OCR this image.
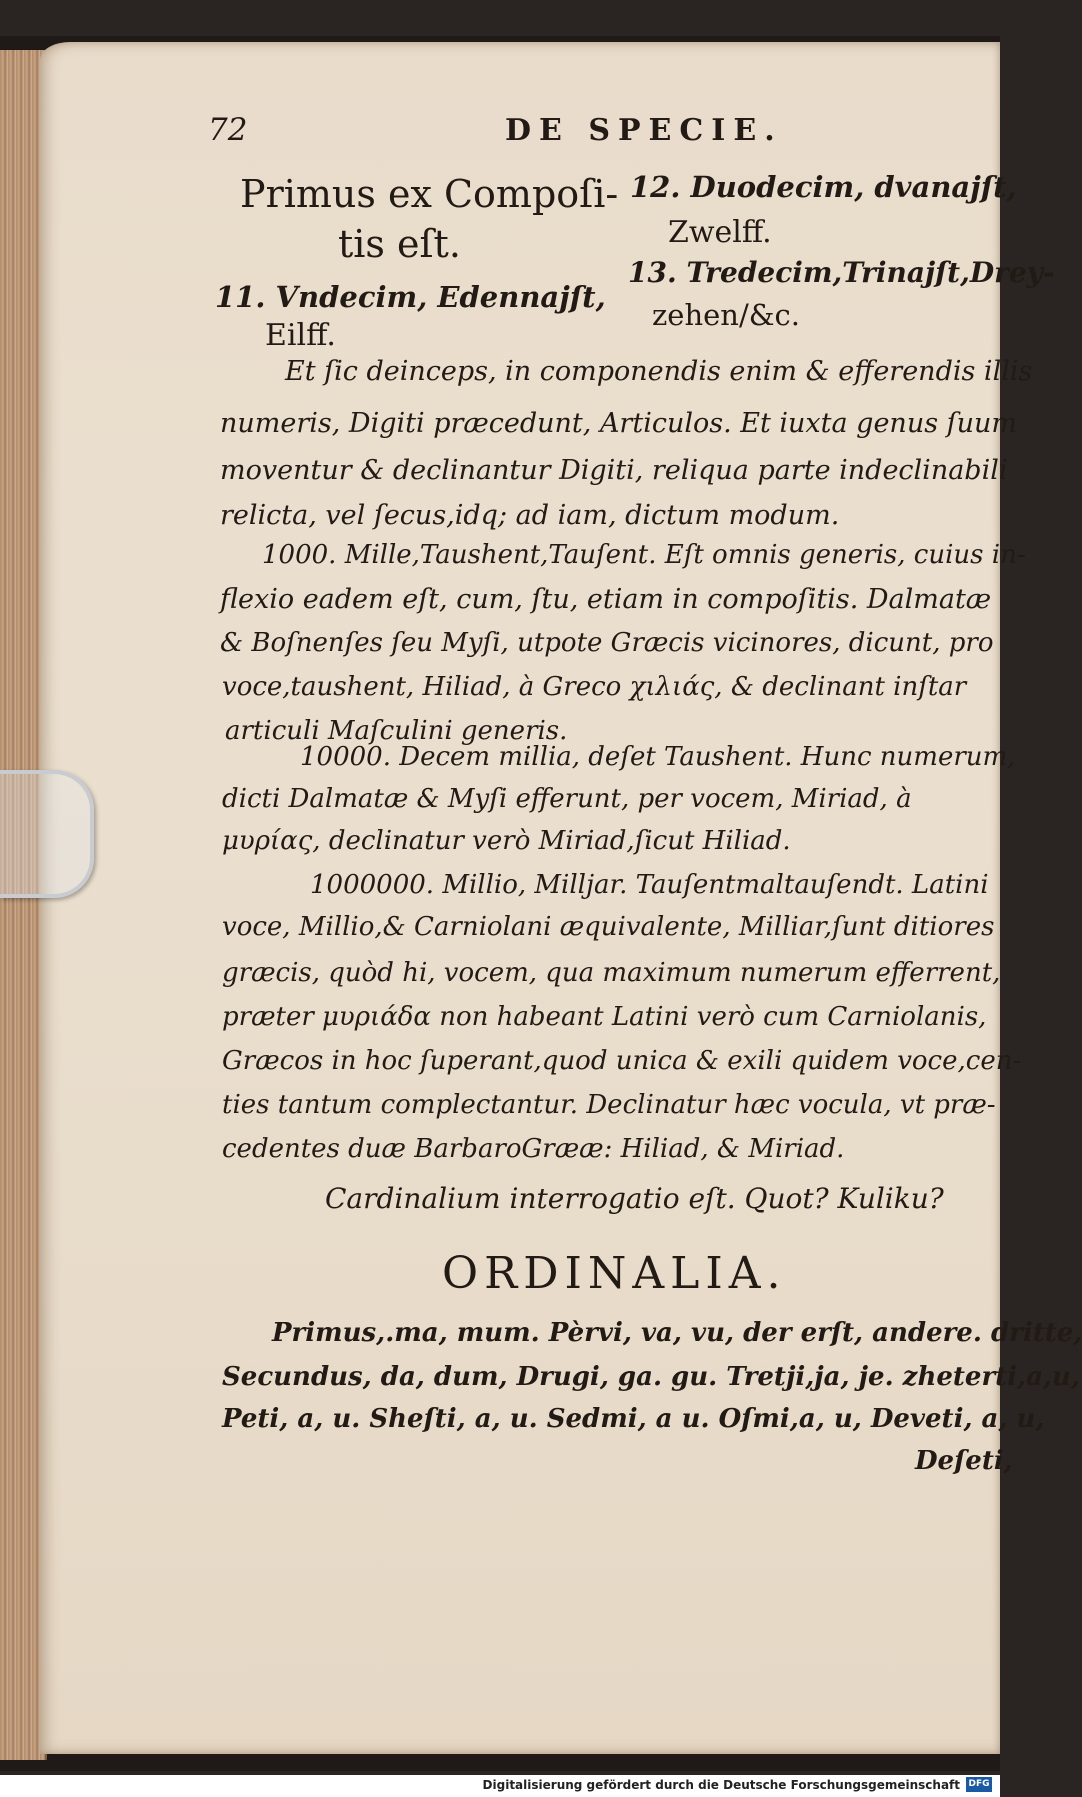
72	DE SPECIE.
Primus ex Compoſi-
tis eſt.
11. Vndecim, Edennajſt,
Eilff.
12. Duodecim, dvanajſt,
Zwelff.
13. Tredecim,Trinajſt,Drey-
zehen/&c.
Et ſic deinceps, in componendis enim & efferendis illis
numeris, Digiti præcedunt, Articulos. Et iuxta genus ſuum
moventur & declinantur Digiti, reliqua parte indeclinabili
relicta, vel ſecus,idq; ad iam, dictum modum.
1000. Mille,Taushent,Tauſent. Eſt omnis generis, cuius in-
flexio eadem eſt, cum, ſtu, etiam in compoſitis. Dalmatæ
& Boſnenſes ſeu Myſi, utpote Græcis vicinores, dicunt, pro
voce,taushent, Hiliad, à Greco χιλιάς, & declinant inſtar
articuli Maſculini generis.
10000. Decem millia, deſet Taushent. Hunc numerum,
dicti Dalmatæ & Myſi efferunt, per vocem, Miriad, à
μυρίας, declinatur verò Miriad,ſicut Hiliad.
1000000. Millio, Milljar. Tauſentmaltauſendt. Latini
voce, Millio,& Carniolani æquivalente, Milliar,ſunt ditiores
græcis, quòd hi, vocem, qua maximum numerum efferrent,
præter μυριάδα non habeant Latini verò cum Carniolanis,
Græcos in hoc ſuperant,quod unica & exili quidem voce,cen-
ties tantum complectantur. Declinatur hæc vocula, vt præ-
cedentes duæ BarbaroGrææ: Hiliad, & Miriad.
Cardinalium interrogatio eſt. Quot? Kuliku?
ORDINALIA.
Primus,.ma, mum. Pèrvi, va, vu, der erſt, andere. dritte,
Secundus, da, dum, Drugi, ga. gu. Tretji,ja, je. zheterti,a,u,
Peti, a, u. Sheſti, a, u. Sedmi, a u. Oſmi,a, u, Deveti, a, u,
Deſeti,
Digitalisierung gefördert durch die Deutsche Forschungsgemeinschaft DFG
